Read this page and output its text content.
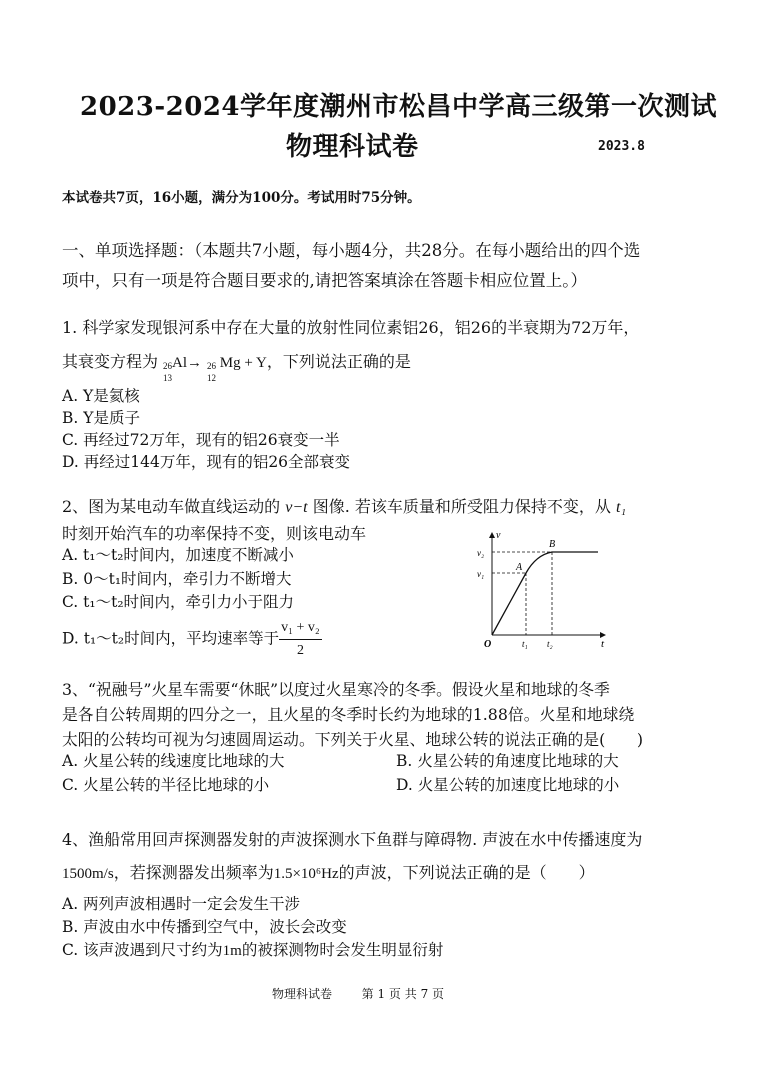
2023-2024学年度潮州市松昌中学高三级第一次测试
物理科试卷	2023.8
本试卷共7页，16小题，满分为100分。考试用时75分钟。
一、单项选择题：（本题共7小题，每小题4分，共28分。在每小题给出的四个选
项中，只有一项是符合题目要求的,请把答案填涂在答题卡相应位置上。）
1. 科学家发现银河系中存在大量的放射性同位素铝26，铝26的半衰期为72万年，
其衰变方程为 26
13
Al→ 26
12
Mg + Y，下列说法正确的是
A. Y是氦核
B. Y是质子
C. 再经过72万年，现有的铝26衰变一半
D. 再经过144万年，现有的铝26全部衰变
2、图为某电动车做直线运动的 v−t 图像. 若该车质量和所受阻力保持不变，从 t₁
时刻开始汽车的功率保持不变，则该电动车
A. t₁～t₂时间内，加速度不断减小
B. 0～t₁时间内，牵引力不断增大
C. t₁～t₂时间内，牵引力小于阻力
D. t₁～t₂时间内，平均速率等于 $\frac{\text{v₁ + v₂}}{2}$
v
t
O
v₁
v₂
t₁ t₂
A
B
3、“祝融号”火星车需要“休眠”以度过火星寒冷的冬季。假设火星和地球的冬季
是各自公转周期的四分之一，且火星的冬季时长约为地球的1.88倍。火星和地球绕
太阳的公转均可视为匀速圆周运动。下列关于火星、地球公转的说法正确的是(　　)
A. 火星公转的线速度比地球的大
C. 火星公转的半径比地球的小
B. 火星公转的角速度比地球的大
D. 火星公转的加速度比地球的小
4、渔船常用回声探测器发射的声波探测水下鱼群与障碍物. 声波在水中传播速度为
1500m/s，若探测器发出频率为1.5×10⁶Hz的声波，下列说法正确的是（　　）
A. 两列声波相遇时一定会发生干涉
B. 声波由水中传播到空气中，波长会改变
C. 该声波遇到尺寸约为1m的被探测物时会发生明显衍射
物理科试卷 第 1 页 共 7 页
